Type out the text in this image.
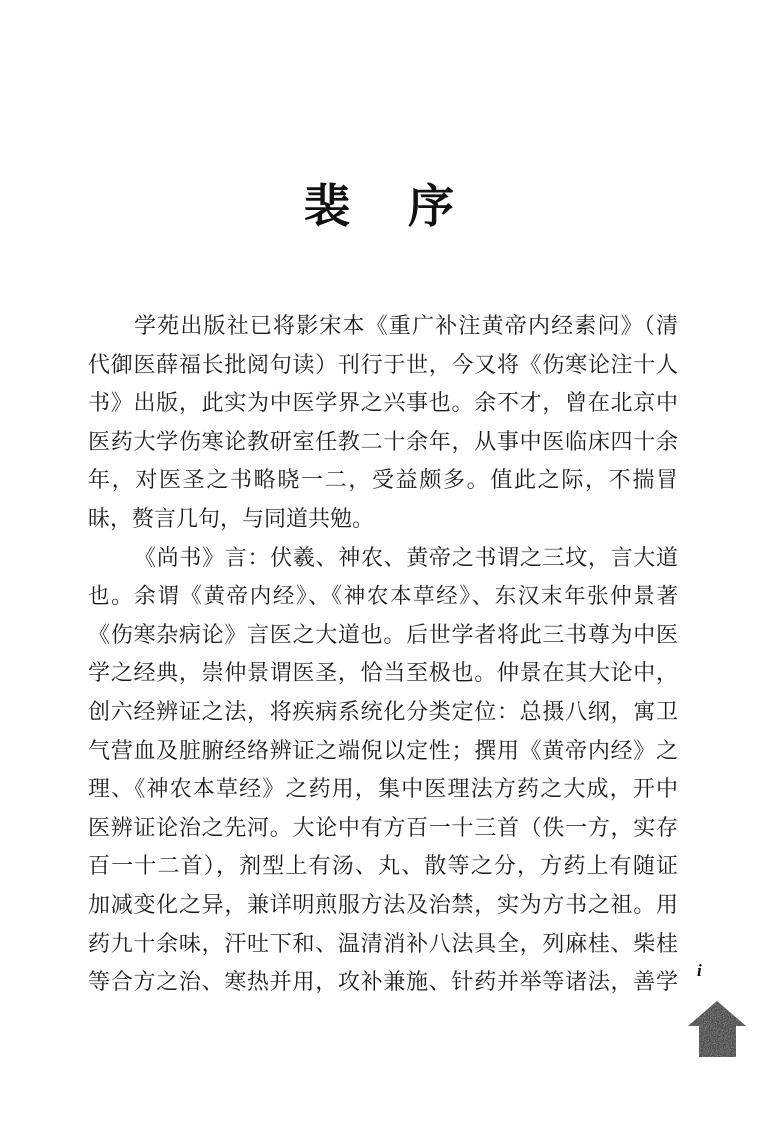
裴　序
学苑出版社已将影宋本《重广补注黄帝内经素问》（清
代御医薛福长批阅句读）刊行于世，今又将《伤寒论注十人
书》出版，此实为中医学界之兴事也。余不才，曾在北京中
医药大学伤寒论教研室任教二十余年，从事中医临床四十余
年，对医圣之书略晓一二，受益颇多。值此之际，不揣冒
昧，赘言几句，与同道共勉。
《尚书》言：伏羲、神农、黄帝之书谓之三坟，言大道
也。余谓《黄帝内经》、《神农本草经》、东汉末年张仲景著
《伤寒杂病论》言医之大道也。后世学者将此三书尊为中医
学之经典，崇仲景谓医圣，恰当至极也。仲景在其大论中，
创六经辨证之法，将疾病系统化分类定位：总摄八纲，寓卫
气营血及脏腑经络辨证之端倪以定性；撰用《黄帝内经》之
理、《神农本草经》之药用，集中医理法方药之大成，开中
医辨证论治之先河。大论中有方百一十三首（佚一方，实存
百一十二首），剂型上有汤、丸、散等之分，方药上有随证
加减变化之异，兼详明煎服方法及治禁，实为方书之祖。用
药九十余味，汗吐下和、温清消补八法具全，列麻桂、柴桂
等合方之治、寒热并用，攻补兼施、针药并举等诸法，善学 i
